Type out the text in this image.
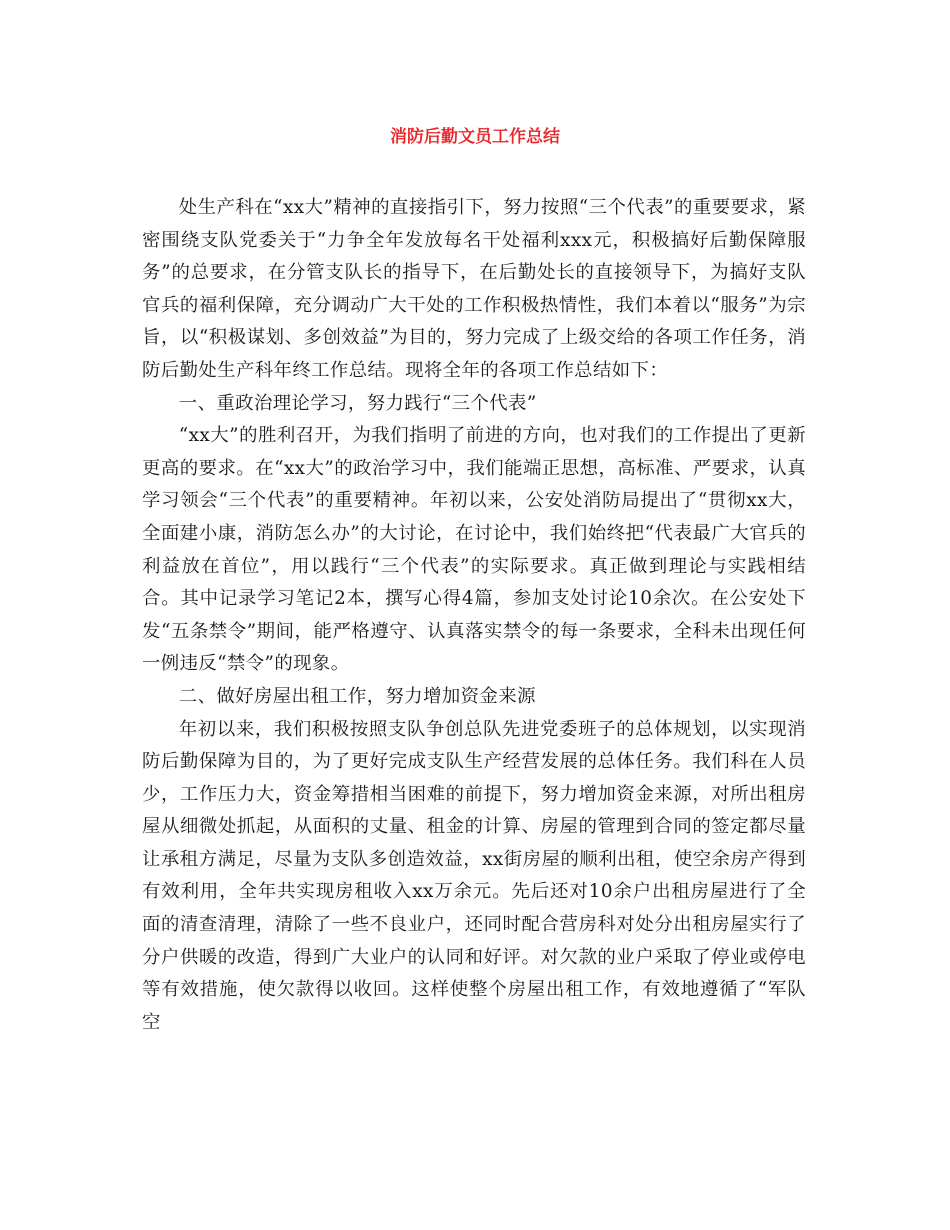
消防后勤文员工作总结

处生产科在“xx大”精神的直接指引下，努力按照“三个代表”的重要要求，紧密围绕支队党委关于“力争全年发放每名干处福利xxx元，积极搞好后勤保障服务”的总要求，在分管支队长的指导下，在后勤处长的直接领导下，为搞好支队官兵的福利保障，充分调动广大干处的工作积极热情性，我们本着以“服务”为宗旨，以“积极谋划、多创效益”为目的，努力完成了上级交给的各项工作任务，消防后勤处生产科年终工作总结。现将全年的各项工作总结如下：

一、重政治理论学习，努力践行“三个代表”

“xx大”的胜利召开，为我们指明了前进的方向，也对我们的工作提出了更新更高的要求。在“xx大”的政治学习中，我们能端正思想，高标准、严要求，认真学习领会“三个代表”的重要精神。年初以来，公安处消防局提出了“贯彻xx大，全面建小康，消防怎么办”的大讨论，在讨论中，我们始终把“代表最广大官兵的利益放在首位”，用以践行“三个代表”的实际要求。真正做到理论与实践相结合。其中记录学习笔记2本，撰写心得4篇，参加支处讨论10余次。在公安处下发“五条禁令”期间，能严格遵守、认真落实禁令的每一条要求，全科未出现任何一例违反“禁令”的现象。

二、做好房屋出租工作，努力增加资金来源

年初以来，我们积极按照支队争创总队先进党委班子的总体规划，以实现消防后勤保障为目的，为了更好完成支队生产经营发展的总体任务。我们科在人员少，工作压力大，资金筹措相当困难的前提下，努力增加资金来源，对所出租房屋从细微处抓起，从面积的丈量、租金的计算、房屋的管理到合同的签定都尽量让承租方满足，尽量为支队多创造效益，xx街房屋的顺利出租，使空余房产得到有效利用，全年共实现房租收入xx万余元。先后还对10余户出租房屋进行了全面的清查清理，清除了一些不良业户，还同时配合营房科对处分出租房屋实行了分户供暖的改造，得到广大业户的认同和好评。对欠款的业户采取了停业或停电等有效措施，使欠款得以收回。这样使整个房屋出租工作，有效地遵循了“军队空
